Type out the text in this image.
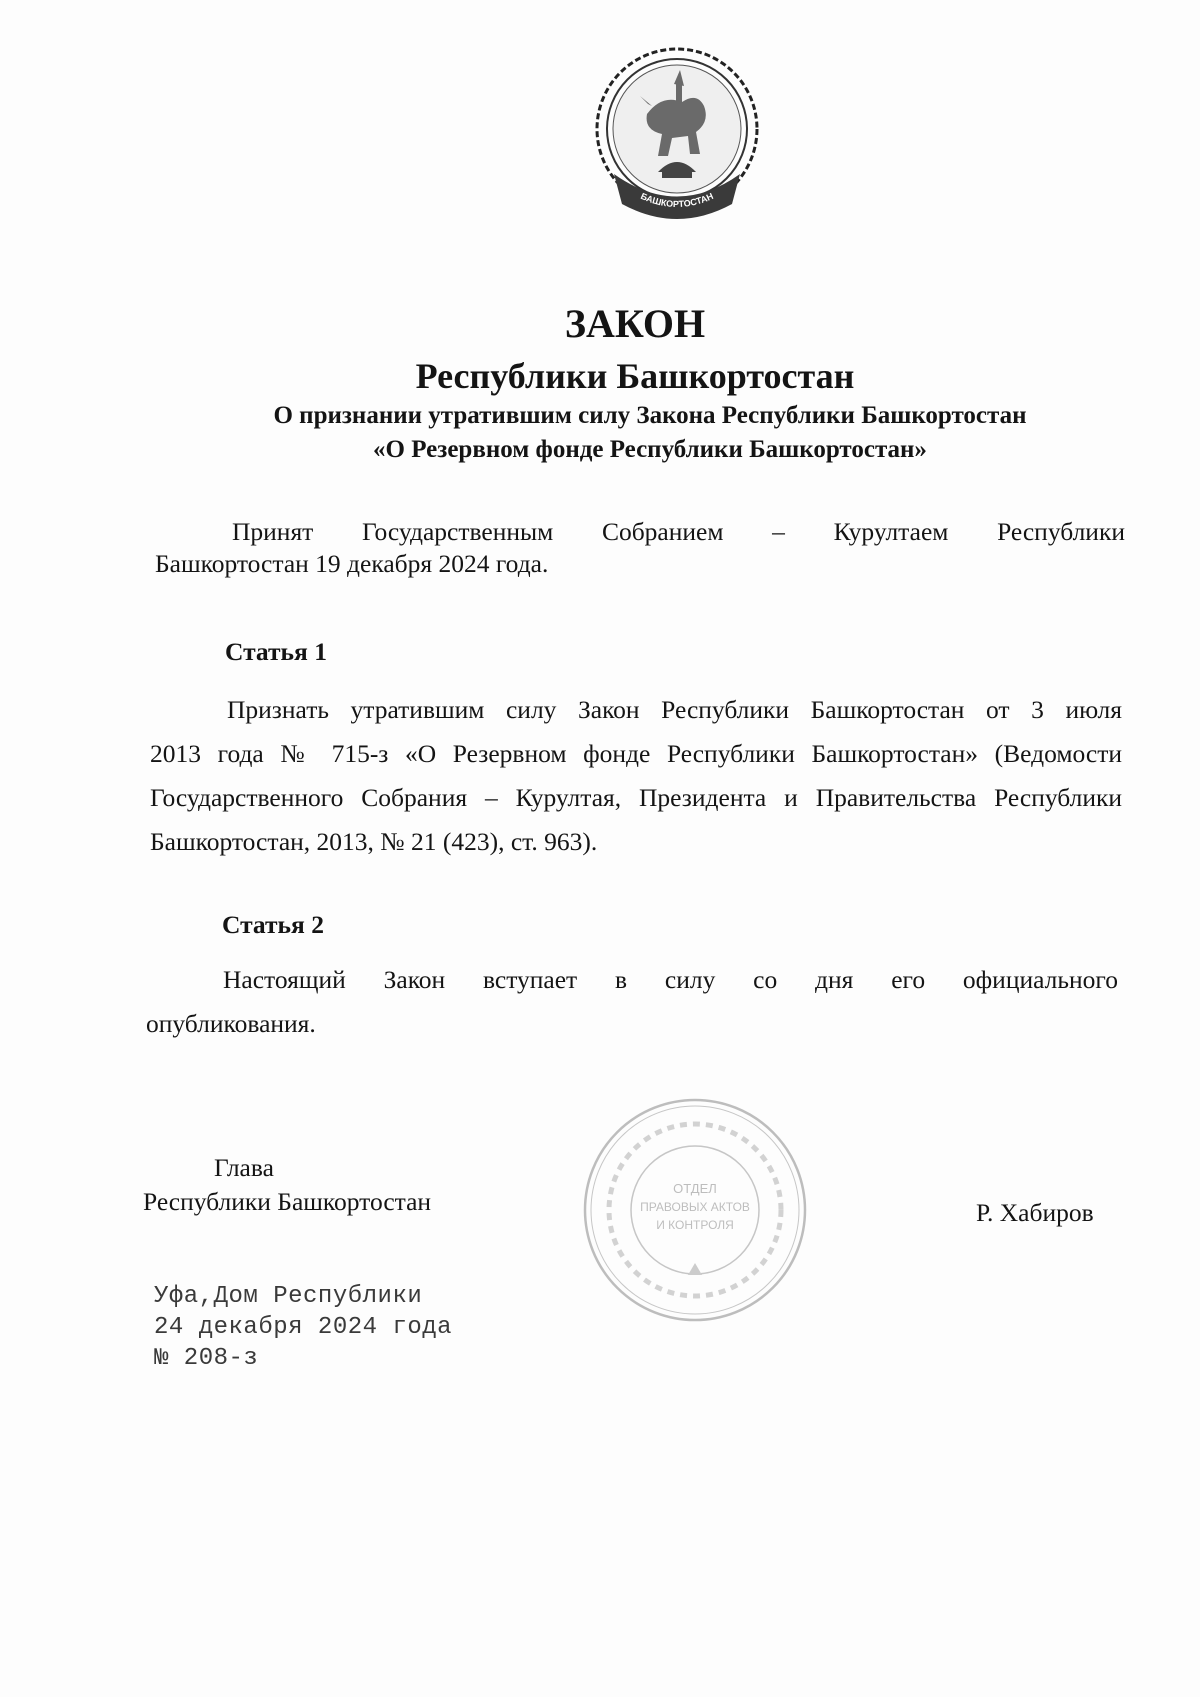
БАШКОРТОСТАН
ЗАКОН
Республики Башкортостан
О признании утратившим силу Закона Республики Башкортостан
«О Резервном фонде Республики Башкортостан»
Принят Государственным Собранием – Курултаем Республики
Башкортостан 19 декабря 2024 года.
Статья 1
Признать утратившим силу Закон Республики Башкортостан от 3 июля
2013 года № 715-з «О Резервном фонде Республики Башкортостан» (Ведомости Государственного Собрания – Курултая, Президента и Правительства Республики Башкортостан, 2013, № 21 (423), ст. 963).
Статья 2
Настоящий Закон вступает в силу со дня его официального
опубликования.
Глава
Республики Башкортостан	Р. Хабиров
ОТДЕЛ
ПРАВОВЫХ АКТОВ
И КОНТРОЛЯ
Уфа,Дом Республики
24 декабря 2024 года
№ 208-з
